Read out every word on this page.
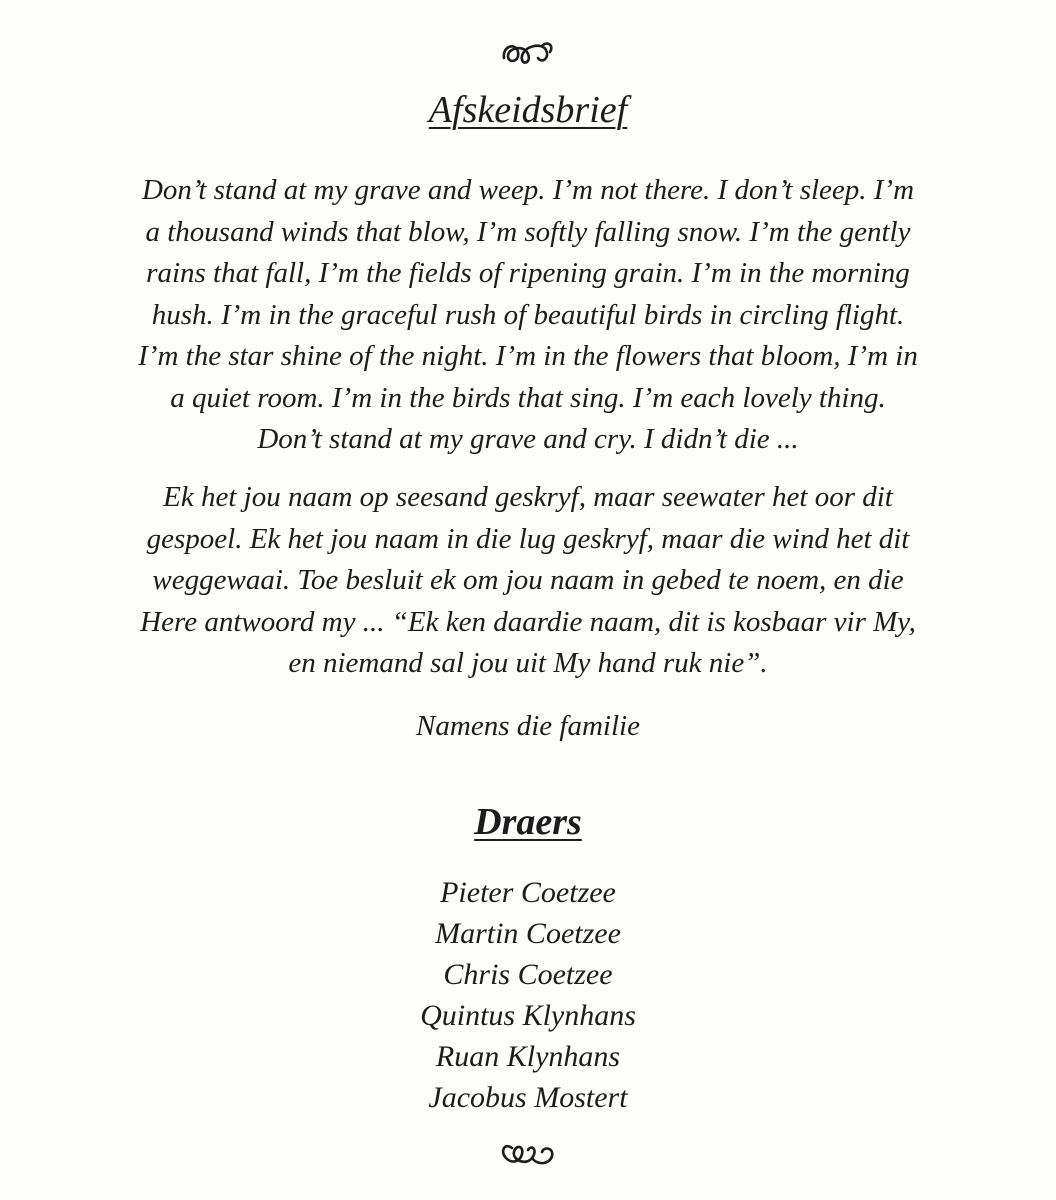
Afskeidsbrief

Don’t stand at my grave and weep. I’m not there. I don’t sleep. I’m
a thousand winds that blow, I’m softly falling snow. I’m the gently
rains that fall, I’m the fields of ripening grain. I’m in the morning
hush. I’m in the graceful rush of beautiful birds in circling flight.
I’m the star shine of the night. I’m in the flowers that bloom, I’m in
a quiet room. I’m in the birds that sing. I’m each lovely thing.
Don’t stand at my grave and cry. I didn’t die ...

Ek het jou naam op seesand geskryf, maar seewater het oor dit
gespoel. Ek het jou naam in die lug geskryf, maar die wind het dit
weggewaai. Toe besluit ek om jou naam in gebed te noem, en die
Here antwoord my ... “Ek ken daardie naam, dit is kosbaar vir My,
en niemand sal jou uit My hand ruk nie”.

Namens die familie
Draers
Pieter Coetzee
Martin Coetzee
Chris Coetzee
Quintus Klynhans
Ruan Klynhans
Jacobus Mostert
